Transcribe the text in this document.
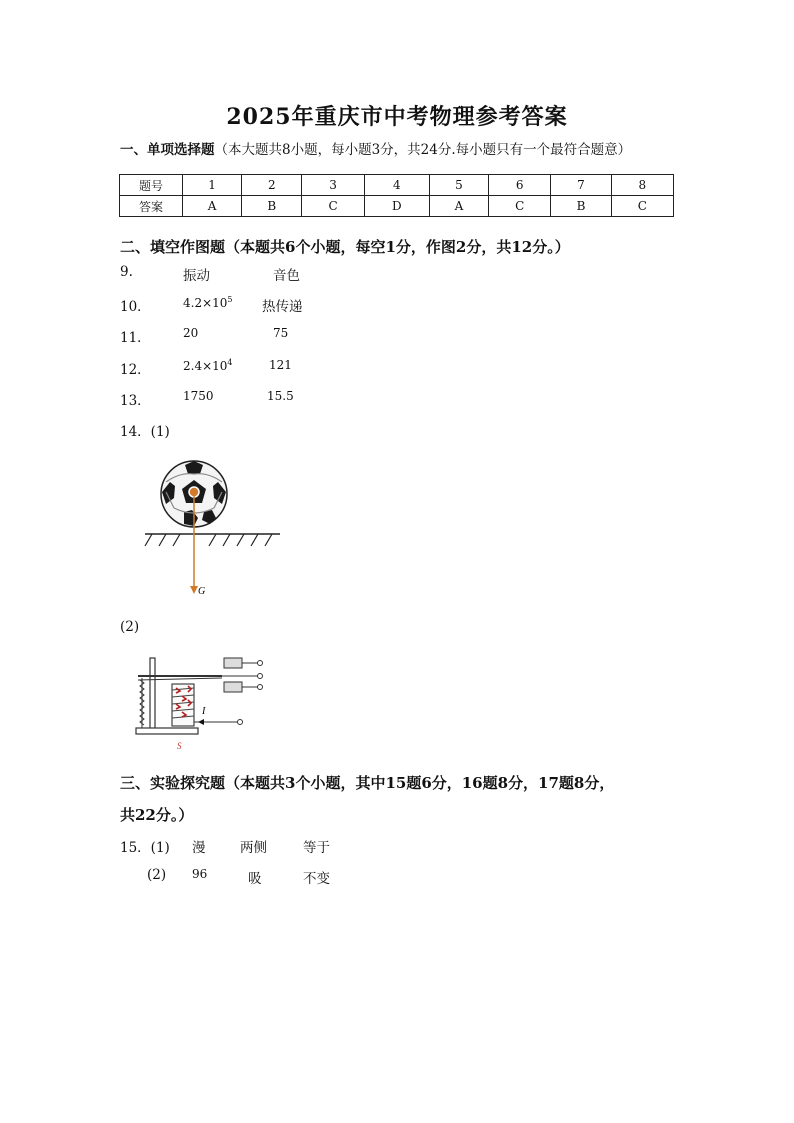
2025年重庆市中考物理参考答案
一、单项选择题（本大题共8小题，每小题3分，共24分.每小题只有一个最符合题意）
题号	1	2	3	4	5	6	7	8
答案	A	B	C	D	A	C	B	C
二、填空作图题（本题共6个小题，每空1分，作图2分，共12分。）
9.	振动	音色
10．	$4.2\times 10^5$ 热传递
11．	20	75
12．	$2.4\times 10^4$	121
13．	1750	15.5
14．(1)
G
(2)
I
S
三、实验探究题（本题共3个小题，其中15题6分，16题8分，17题8分，
共22分。）
15．(1) 漫	两侧	等于
(2) 96	吸	不变
